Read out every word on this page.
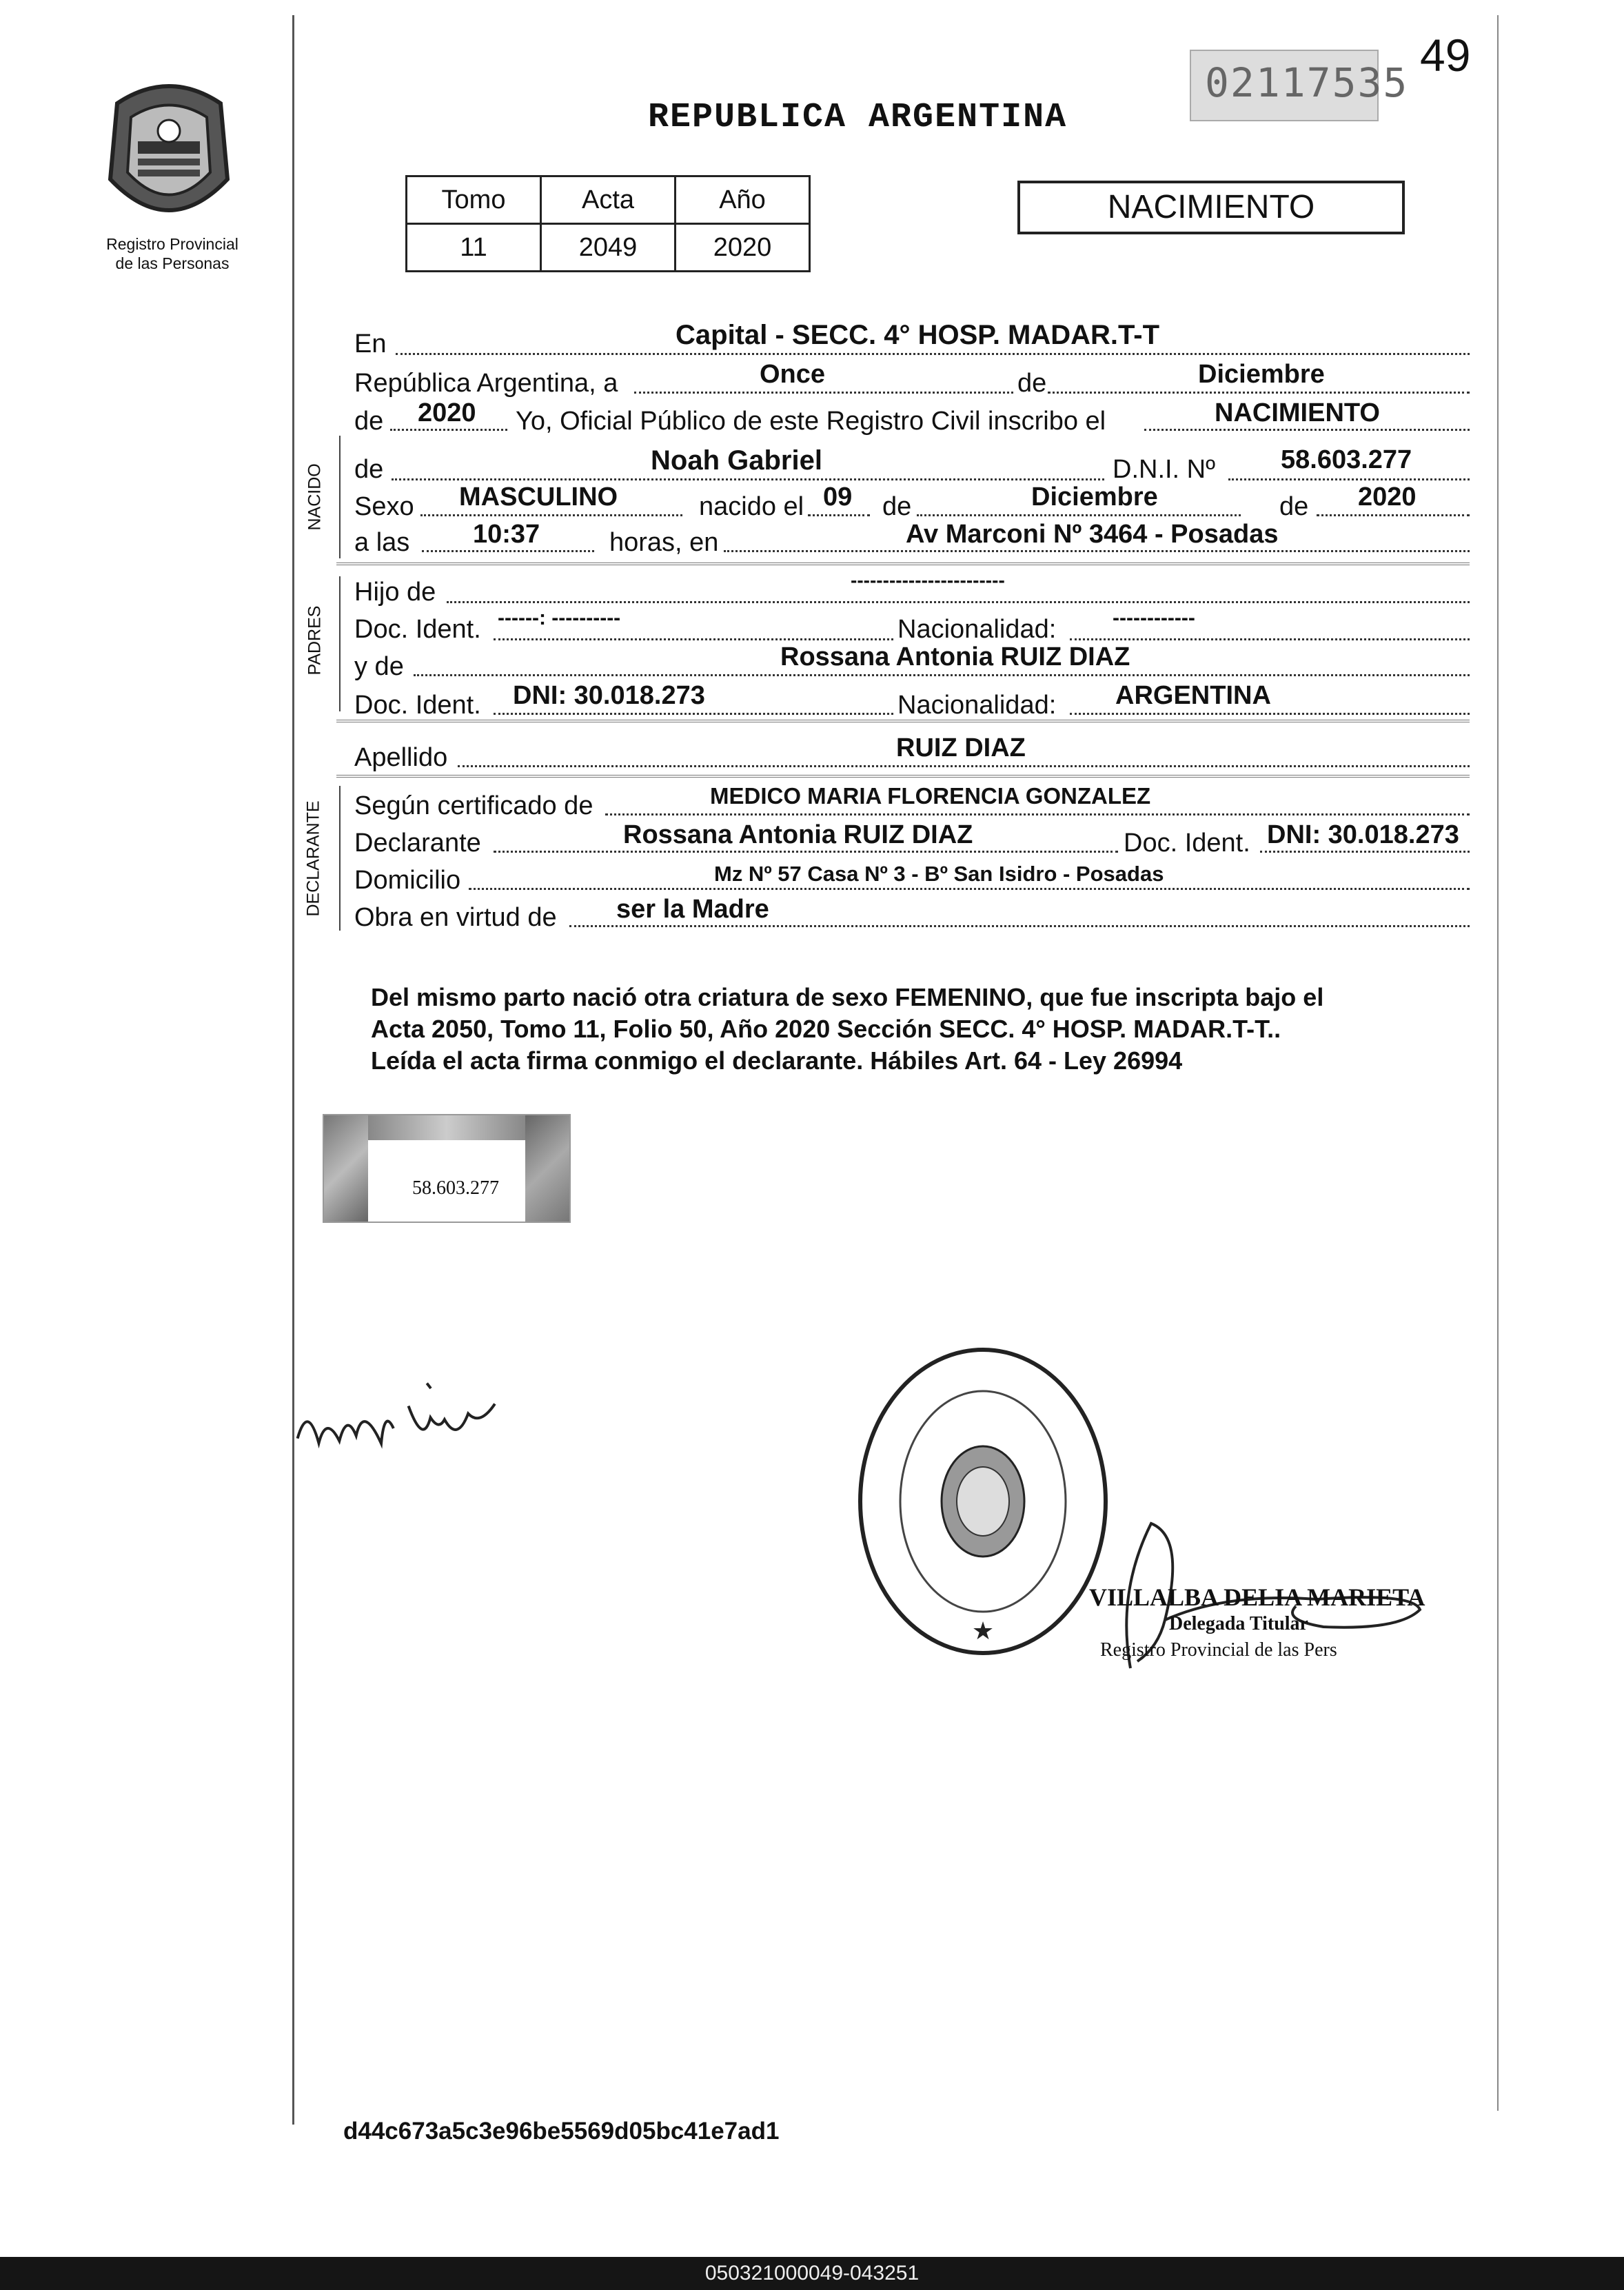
49
02117535
Registro Provincial
de las Personas
REPUBLICA ARGENTINA
Tomo	Acta	Año
11	2049	2020
NACIMIENTO
En	Capital - SECC. 4° HOSP. MADAR.T-T
República Argentina, a	Once	de	Diciembre
de 2020 Yo, Oficial Público de este Registro Civil inscribo el	NACIMIENTO
NACIDO de	Noah Gabriel	D.N.I. Nº	58.603.277
Sexo MASCULINO	nacido el 09 de	Diciembre	de 2020
a las 10:37	horas, en	Av Marconi Nº 3464 - Posadas
PADRES
Hijo de	------------------------
Doc. Ident. ------: ----------	Nacionalidad:	------------
y de	Rossana Antonia RUIZ DIAZ
Doc. Ident. DNI: 30.018.273	Nacionalidad: ARGENTINA
Apellido	RUIZ DIAZ
DECLARANTE Según certificado de	MEDICO MARIA FLORENCIA GONZALEZ
Declarante	Rossana Antonia RUIZ DIAZ	Doc. Ident. DNI: 30.018.273
Domicilio	Mz Nº 57 Casa Nº 3 - Bº San Isidro - Posadas
Obra en virtud de ser la Madre
Del mismo parto nació otra criatura de sexo FEMENINO, que fue inscripta bajo el
Acta 2050, Tomo 11, Folio 50, Año 2020 Sección SECC. 4° HOSP. MADAR.T-T..
Leída el acta firma conmigo el declarante. Hábiles Art. 64 - Ley 26994
58.603.277
★
VILLALBA DELIA MARIETA
Delegada Titular
Registro Provincial de las Pers
d44c673a5c3e96be5569d05bc41e7ad1
050321000049-043251
